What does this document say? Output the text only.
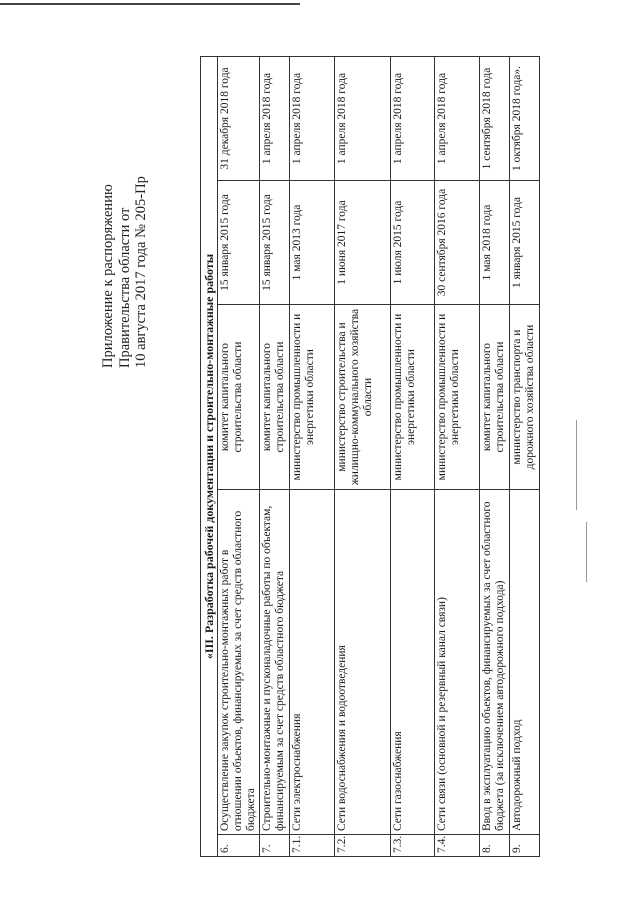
Приложение к распоряжению Правительства области от 10 августа 2017 года № 205-Пр	«III. Разработка рабочей документации и строительно-монтажные работы				
6.	Осуществление закупок строительно-монтажных работ в отношении объектов, финансируемых за счет средств областного бюджета	комитет капитального строительства области	15 января 2015 года	31 декабря 2018 года
7.	Строительно-монтажные и пусконаладочные работы по объектам, финансируемым за счет средств областного бюджета	комитет капитального строительства области	15 января 2015 года	1 апреля 2018 года
7.1.	Сети электроснабжения	министерство промышленности и энергетики области	1 мая 2013 года	1 апреля 2018 года
7.2.	Сети водоснабжения и водоотведения	министерство строительства и жилищно-коммунального хозяйства области	1 июня 2017 года	1 апреля 2018 года
7.3.	Сети газоснабжения	министерство промышленности и энергетики области	1 июля 2015 года	1 апреля 2018 года
7.4.	Сети связи (основной и резервный канал связи)	министерство промышленности и энергетики области	30 сентября 2016 года	1 апреля 2018 года
8.	Ввод в эксплуатацию объектов, финансируемых за счет областного бюджета (за исключением автодорожного подхода)	комитет капитального строительства области	1 мая 2018 года	1 сентября 2018 года
9.	Автодорожный подход	министерство транспорта и дорожного хозяйства области	1 января 2015 года	1 октября 2018 года».
